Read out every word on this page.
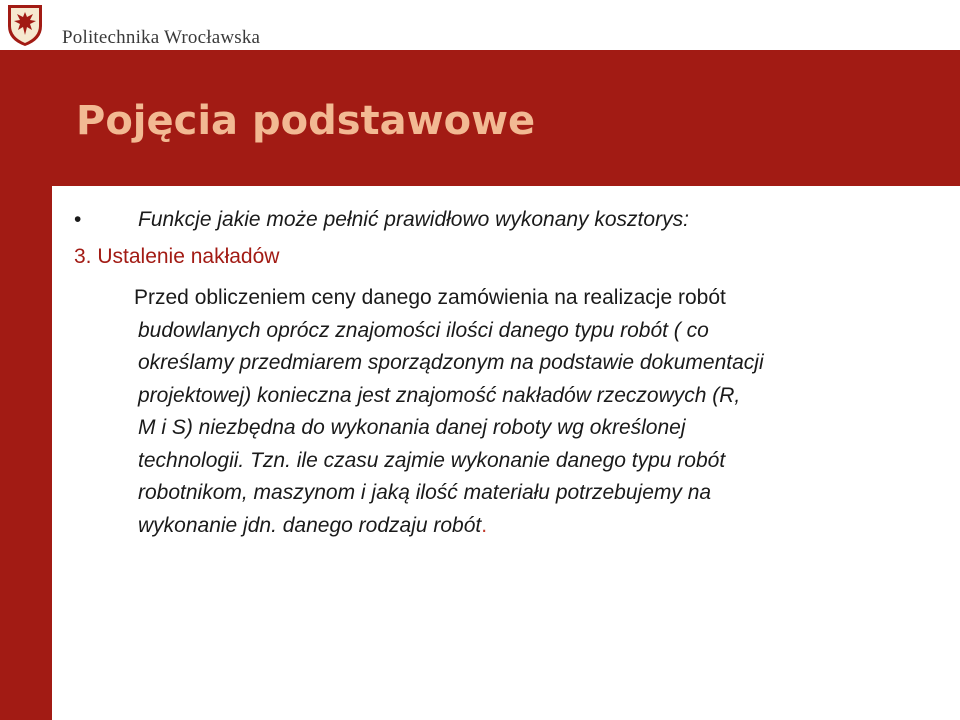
Politechnika Wrocławska
Pojęcia podstawowe
•	Funkcje jakie może pełnić prawidłowo wykonany kosztorys:
3. Ustalenie nakładów
Przed obliczeniem ceny danego zamówienia na realizacje robót
budowlanych oprócz znajomości ilości danego typu robót ( co
określamy przedmiarem sporządzonym na podstawie dokumentacji
projektowej) konieczna jest znajomość nakładów rzeczowych (R,
M i S) niezbędna do wykonania danej roboty wg określonej
technologii. Tzn. ile czasu zajmie wykonanie danego typu robót
robotnikom, maszynom i jaką ilość materiału potrzebujemy na
wykonanie jdn. danego rodzaju robót.
